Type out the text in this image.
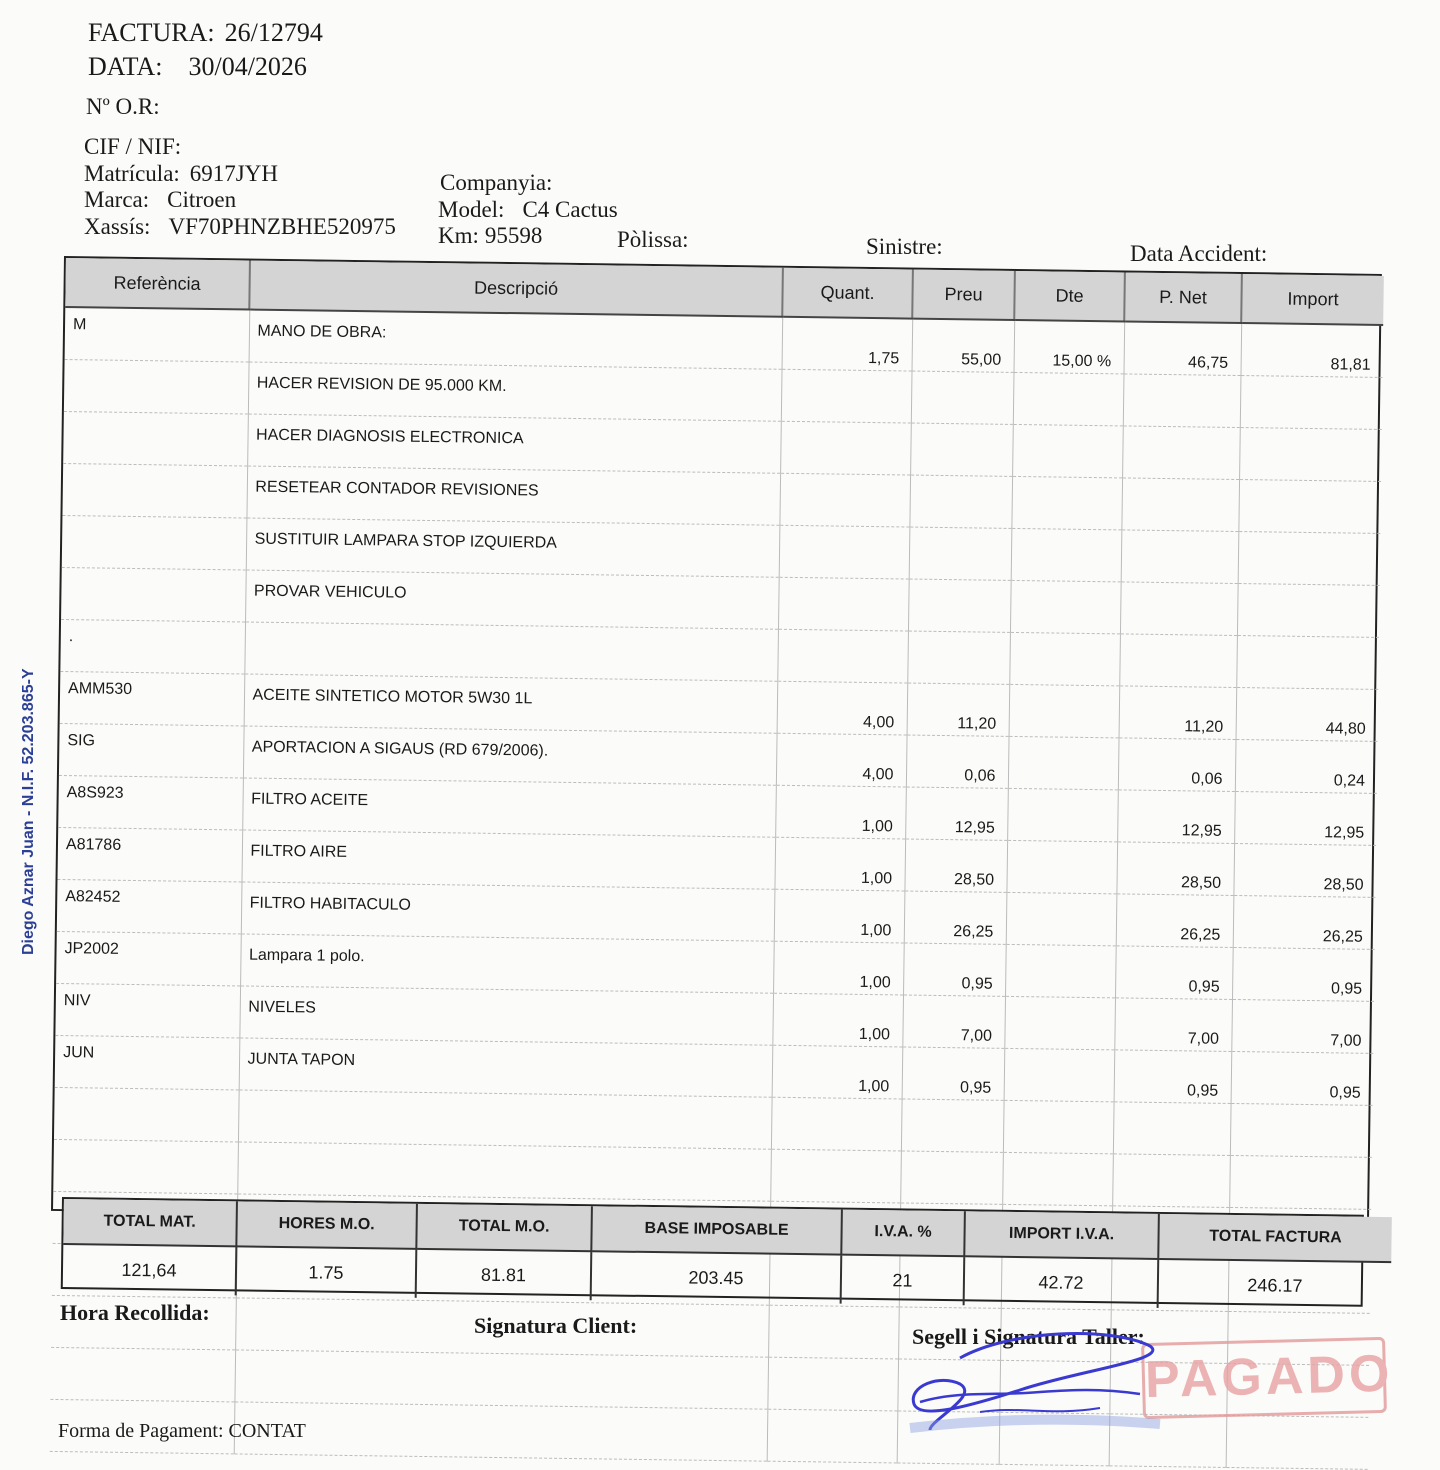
FACTURA: 26/12794
DATA: 30/04/2026
Nº O.R:
CIF / NIF:
Matrícula: 6917JYH
Marca: Citroen
Xassís: VF70PHNZBHE520975
Companyia:
Model: C4 Cactus
Km: 95598	Pòlissa:	Sinistre:	Data Accident:
Referència	Descripció	Quant.	Preu	Dte	P. Net	Import
M	MANO DE OBRA:	1,75	55,00	15,00 %	46,75	81,81
	HACER REVISION DE 95.000 KM.					
	HACER DIAGNOSIS ELECTRONICA					
	RESETEAR CONTADOR REVISIONES					
	SUSTITUIR LAMPARA STOP IZQUIERDA					
	PROVAR VEHICULO					
.						
AMM530	ACEITE SINTETICO MOTOR 5W30 1L	4,00	11,20		11,20	44,80
SIG	APORTACION A SIGAUS (RD 679/2006).	4,00	0,06		0,06	0,24
A8S923	FILTRO ACEITE	1,00	12,95		12,95	12,95
A81786	FILTRO AIRE	1,00	28,50		28,50	28,50
A82452	FILTRO HABITACULO	1,00	26,25		26,25	26,25
JP2002	Lampara 1 polo.	1,00	0,95		0,95	0,95
NIV	NIVELES	1,00	7,00		7,00	7,00
JUN	JUNTA TAPON	1,00	0,95		0,95	0,95

TOTAL MAT.	HORES M.O.	TOTAL M.O.	BASE IMPOSABLE	I.V.A. %	IMPORT I.V.A.	TOTAL FACTURA
121,64	1.75	81.81	203.45	21	42.72	246.17
Hora Recollida:
Signatura Client:	Segell i Signatura Taller:
PAGADO
Forma de Pagament: CONTAT
Diego Aznar Juan - N.I.F. 52.203.865-Y
